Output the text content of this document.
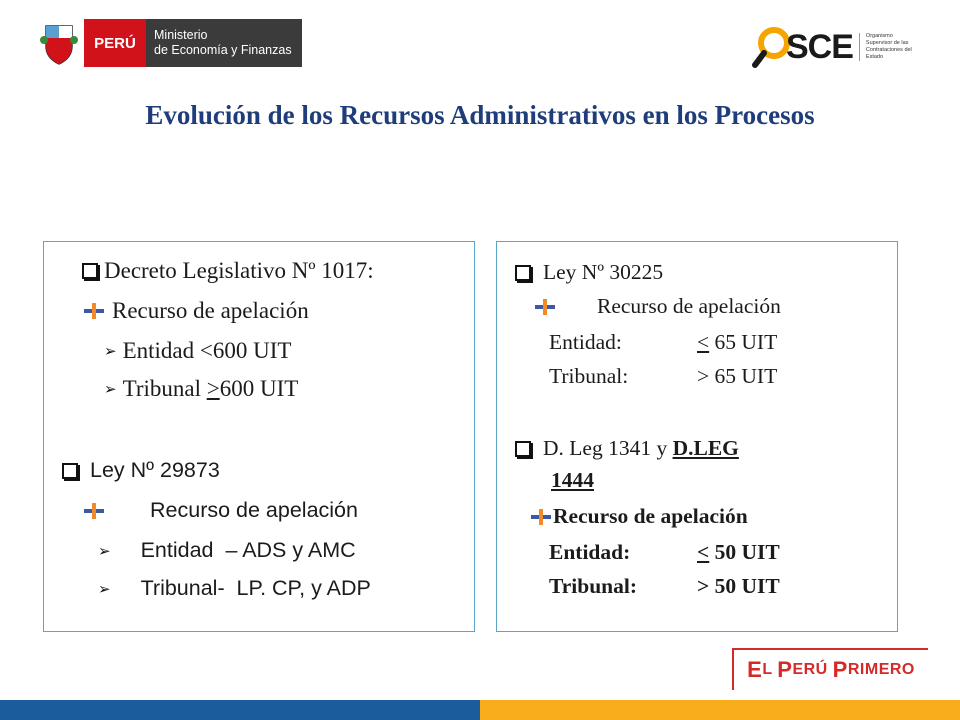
PERÚ	Ministerio
de Economía y Finanzas	SCE	Organismo Supervisor de las Contrataciones del Estado
Evolución de los Recursos Administrativos en los Procesos
Decreto Legislativo Nº 1017:
Recurso de apelación
➢ Entidad <600 UIT
➢ Tribunal ≥ 600 UIT
Ley Nº 29873
Recurso de apelación
➢ Entidad  – ADS y AMC
➢ Tribunal-  LP. CP, y ADP
Ley Nº 30225
Recurso de apelación
Entidad:	< 65 UIT
Tribunal:	> 65 UIT
D. Leg 1341 y D.LEG
1444
Recurso de apelación
Entidad:	< 50 UIT
Tribunal:	> 50 UIT
E L P ERÚ P RIMERO
